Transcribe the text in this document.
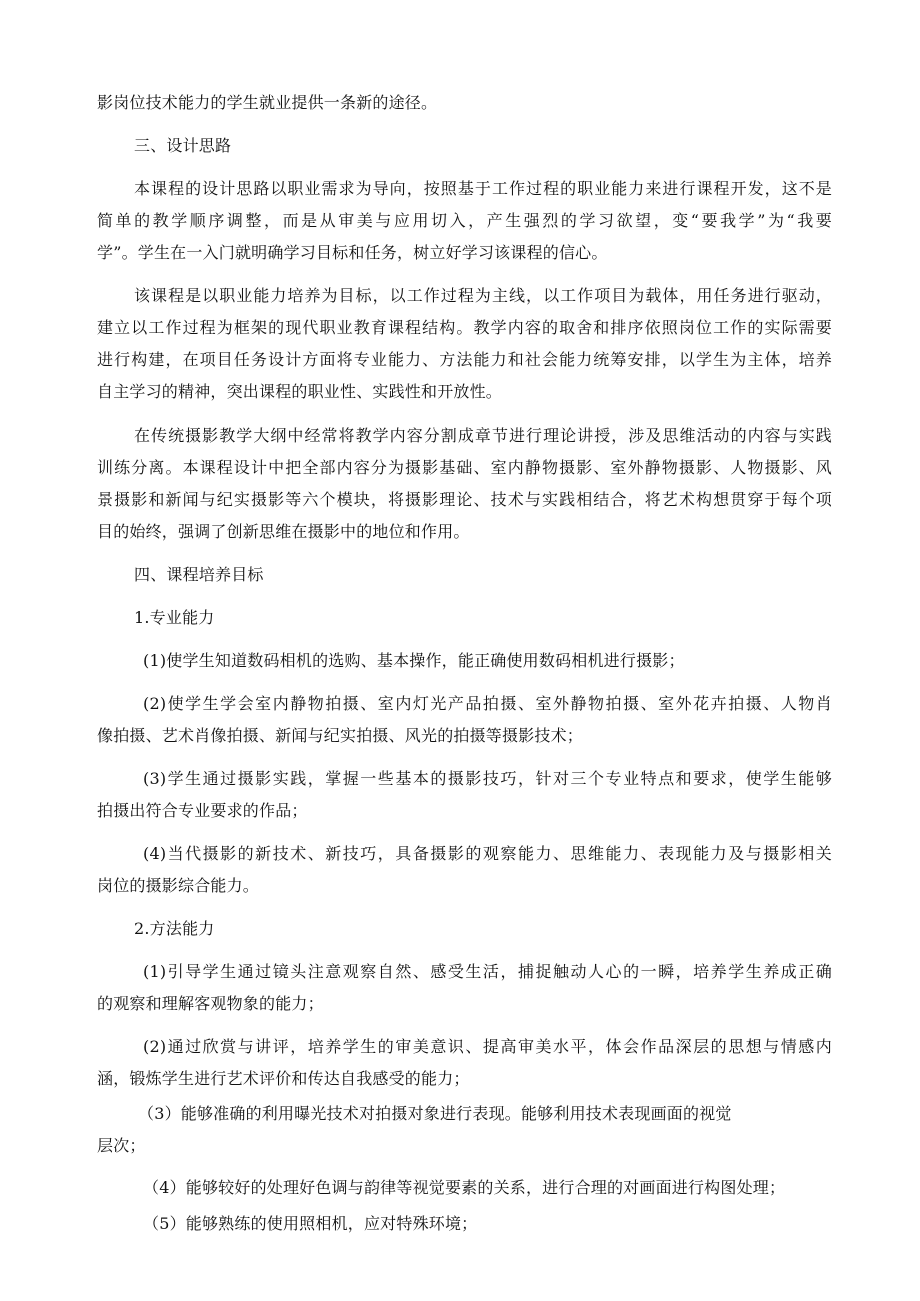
影岗位技术能力的学生就业提供一条新的途径。
三、设计思路
本课程的设计思路以职业需求为导向，按照基于工作过程的职业能力来进行课程开发，这不是
简单的教学顺序调整，而是从审美与应用切入，产生强烈的学习欲望，变“要我学”为“我要
学”。学生在一入门就明确学习目标和任务，树立好学习该课程的信心。
该课程是以职业能力培养为目标，以工作过程为主线，以工作项目为载体，用任务进行驱动，
建立以工作过程为框架的现代职业教育课程结构。教学内容的取舍和排序依照岗位工作的实际需要
进行构建，在项目任务设计方面将专业能力、方法能力和社会能力统筹安排，以学生为主体，培养
自主学习的精神，突出课程的职业性、实践性和开放性。
在传统摄影教学大纲中经常将教学内容分割成章节进行理论讲授，涉及思维活动的内容与实践
训练分离。本课程设计中把全部内容分为摄影基础、室内静物摄影、室外静物摄影、人物摄影、风
景摄影和新闻与纪实摄影等六个模块，将摄影理论、技术与实践相结合，将艺术构想贯穿于每个项
目的始终，强调了创新思维在摄影中的地位和作用。
四、课程培养目标
1.专业能力
(1)使学生知道数码相机的选购、基本操作，能正确使用数码相机进行摄影；
(2)使学生学会室内静物拍摄、室内灯光产品拍摄、室外静物拍摄、室外花卉拍摄、人物肖
像拍摄、艺术肖像拍摄、新闻与纪实拍摄、风光的拍摄等摄影技术；
(3)学生通过摄影实践，掌握一些基本的摄影技巧，针对三个专业特点和要求，使学生能够
拍摄出符合专业要求的作品；
(4)当代摄影的新技术、新技巧，具备摄影的观察能力、思维能力、表现能力及与摄影相关
岗位的摄影综合能力。
2.方法能力
(1)引导学生通过镜头注意观察自然、感受生活，捕捉触动人心的一瞬，培养学生养成正确
的观察和理解客观物象的能力；
(2)通过欣赏与讲评，培养学生的审美意识、提高审美水平，体会作品深层的思想与情感内
涵，锻炼学生进行艺术评价和传达自我感受的能力；
（3）能够准确的利用曝光技术对拍摄对象进行表现。能够利用技术表现画面的视觉
层次；
（4）能够较好的处理好色调与韵律等视觉要素的关系，进行合理的对画面进行构图处理；
（5）能够熟练的使用照相机，应对特殊环境；
